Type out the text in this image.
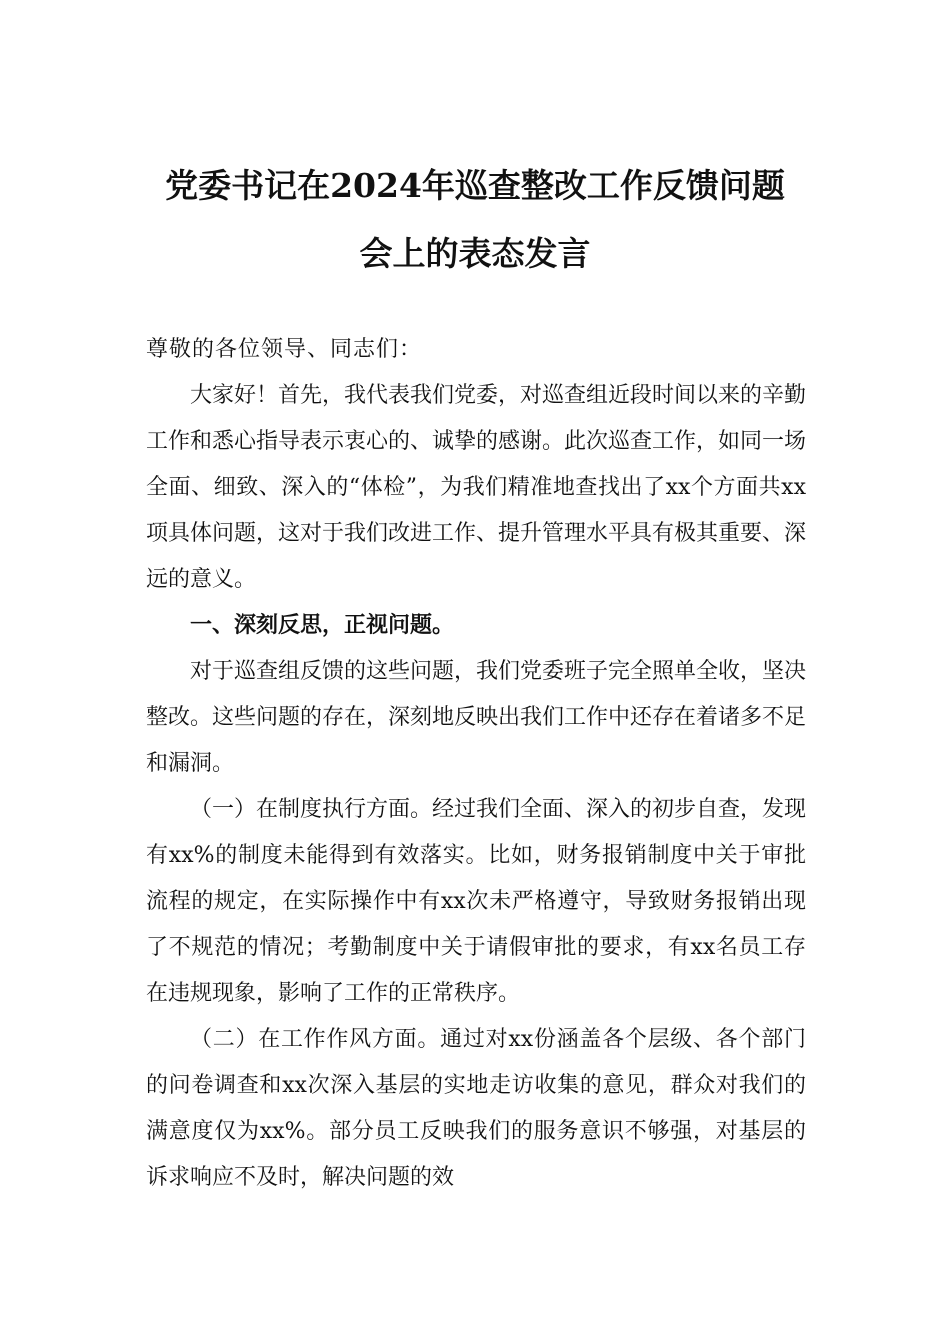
党委书记在2024年巡查整改工作反馈问题
会上的表态发言

尊敬的各位领导、同志们：

大家好！首先，我代表我们党委，对巡查组近段时间以来的辛勤工作和悉心指导表示衷心的、诚挚的感谢。此次巡查工作，如同一场全面、细致、深入的“体检”，为我们精准地查找出了xx个方面共xx项具体问题，这对于我们改进工作、提升管理水平具有极其重要、深远的意义。

一、深刻反思，正视问题。

对于巡查组反馈的这些问题，我们党委班子完全照单全收，坚决整改。这些问题的存在，深刻地反映出我们工作中还存在着诸多不足和漏洞。

（一）在制度执行方面。经过我们全面、深入的初步自查，发现有xx%的制度未能得到有效落实。比如，财务报销制度中关于审批流程的规定，在实际操作中有xx次未严格遵守，导致财务报销出现了不规范的情况；考勤制度中关于请假审批的要求，有xx名员工存在违规现象，影响了工作的正常秩序。

（二）在工作作风方面。通过对xx份涵盖各个层级、各个部门的问卷调查和xx次深入基层的实地走访收集的意见，群众对我们的满意度仅为xx%。部分员工反映我们的服务意识不够强，对基层的诉求响应不及时，解决问题的效
